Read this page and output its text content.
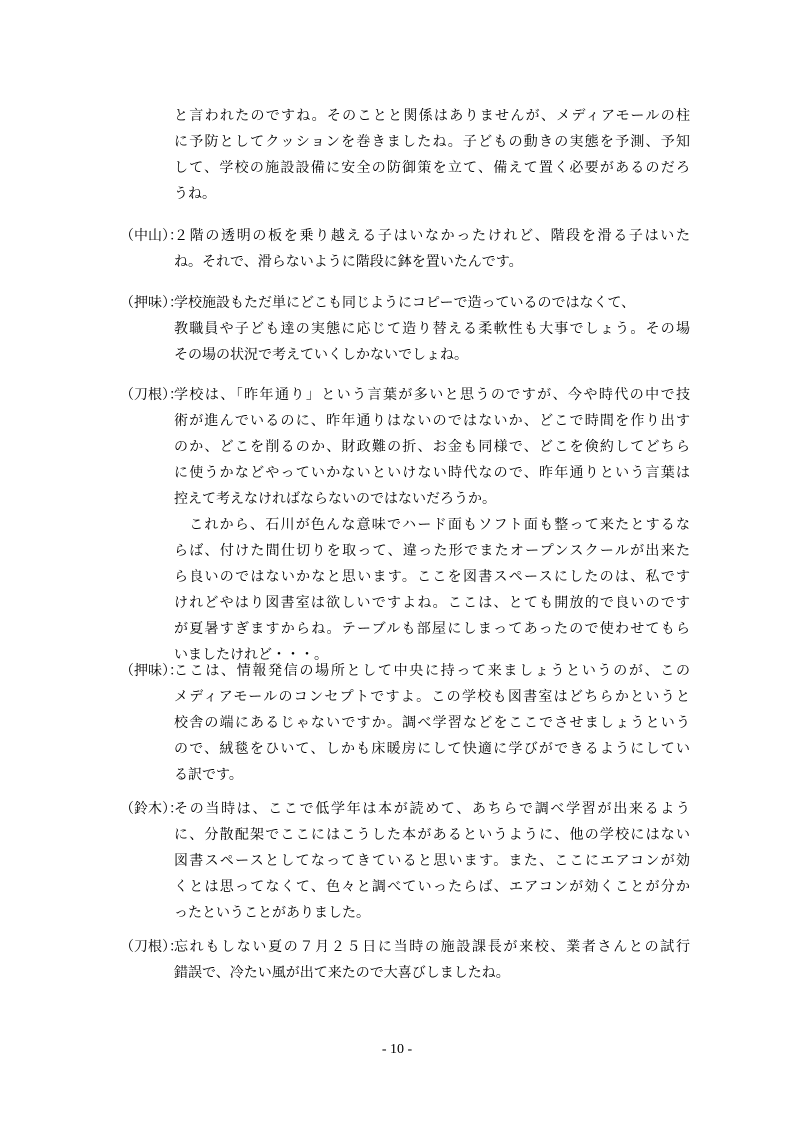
と言われたのですね。そのことと関係はありませんが、メディアモールの柱
に予防としてクッションを巻きましたね。子どもの動きの実態を予測、予知
して、学校の施設設備に安全の防御策を立て、備えて置く必要があるのだろ
うね。
（中山）：
２階の透明の板を乗り越える子はいなかったけれど、階段を滑る子はいた
ね。それで、滑らないように階段に鉢を置いたんです。
（押味）：
学校施設もただ単にどこも同じようにコピーで造っているのではなくて、
教職員や子ども達の実態に応じて造り替える柔軟性も大事でしょう。その場
その場の状況で考えていくしかないでしょね。
（刀根）：
学校は、「昨年通り」という言葉が多いと思うのですが、今や時代の中で技
術が進んでいるのに、昨年通りはないのではないか、どこで時間を作り出す
のか、どこを削るのか、財政難の折、お金も同様で、どこを倹約してどちら
に使うかなどやっていかないといけない時代なので、昨年通りという言葉は
控えて考えなければならないのではないだろうか。
　これから、石川が色んな意味でハード面もソフト面も整って来たとするな
らば、付けた間仕切りを取って、違った形でまたオープンスクールが出来た
ら良いのではないかなと思います。ここを図書スペースにしたのは、私です
けれどやはり図書室は欲しいですよね。ここは、とても開放的で良いのです
が夏暑すぎますからね。テーブルも部屋にしまってあったので使わせてもら
いましたけれど・・・。
（押味）：
ここは、情報発信の場所として中央に持って来ましょうというのが、この
メディアモールのコンセプトですよ。この学校も図書室はどちらかというと
校舎の端にあるじゃないですか。調べ学習などをここでさせましょうという
ので、絨毯をひいて、しかも床暖房にして快適に学びができるようにしてい
る訳です。
（鈴木）：
その当時は、ここで低学年は本が読めて、あちらで調べ学習が出来るよう
に、分散配架でここにはこうした本があるというように、他の学校にはない
図書スペースとしてなってきていると思います。また、ここにエアコンが効
くとは思ってなくて、色々と調べていったらば、エアコンが効くことが分か
ったということがありました。
（刀根）：
忘れもしない夏の７月２５日に当時の施設課長が来校、業者さんとの試行
錯誤で、冷たい風が出て来たので大喜びしましたね。
- 10 -
